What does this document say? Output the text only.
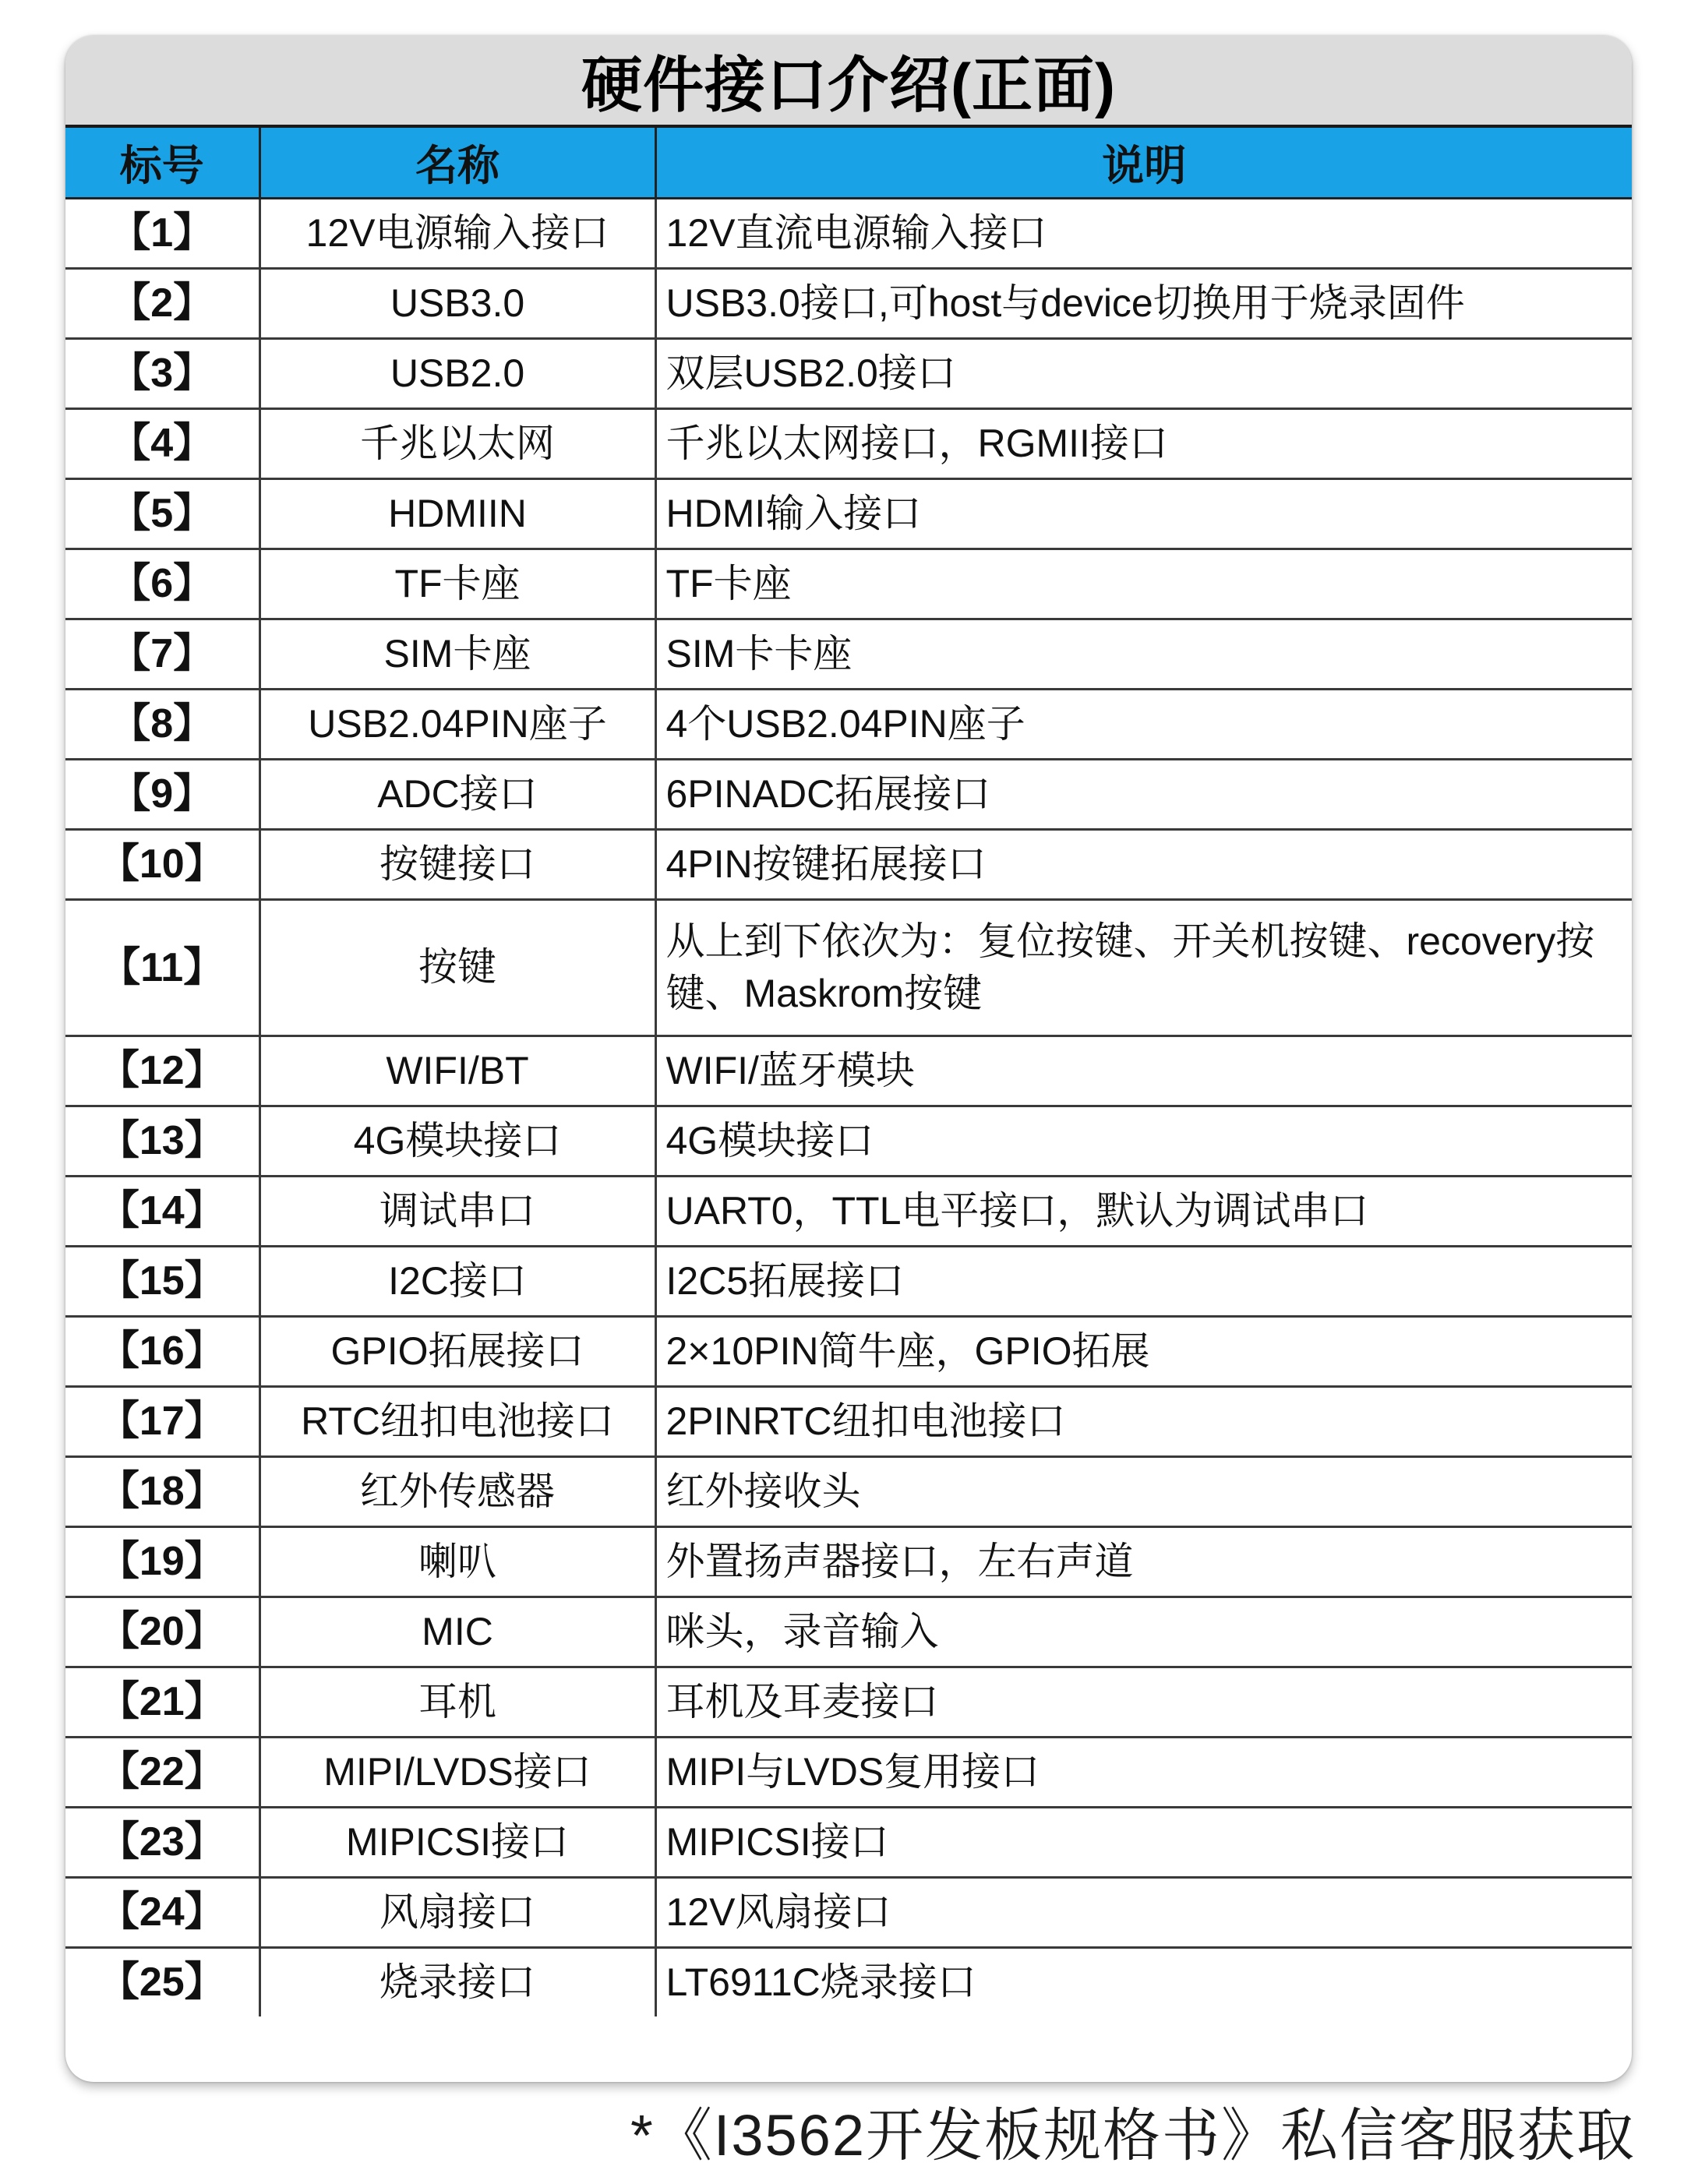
硬件接口介绍(正面)
标号	名称	说明
【1】	12V电源输入接口	12V直流电源输入接口
【2】	USB3.0	USB3.0接口,可host与device切换用于烧录固件
【3】	USB2.0	双层USB2.0接口
【4】	千兆以太网	千兆以太网接口，RGMII接口
【5】	HDMIIN	HDMI输入接口
【6】	TF卡座	TF卡座
【7】	SIM卡座	SIM卡卡座
【8】	USB2.04PIN座子	4个USB2.04PIN座子
【9】	ADC接口	6PINADC拓展接口
【10】	按键接口	4PIN按键拓展接口
【11】	按键	从上到下依次为：复位按键、开关机按键、recovery按键、Maskrom按键
【12】	WIFI/BT	WIFI/蓝牙模块
【13】	4G模块接口	4G模块接口
【14】	调试串口	UART0，TTL电平接口，默认为调试串口
【15】	I2C接口	I2C5拓展接口
【16】	GPIO拓展接口	2×10PIN简牛座，GPIO拓展
【17】	RTC纽扣电池接口	2PINRTC纽扣电池接口
【18】	红外传感器	红外接收头
【19】	喇叭	外置扬声器接口，左右声道
【20】	MIC	咪头，录音输入
【21】	耳机	耳机及耳麦接口
【22】	MIPI/LVDS接口	MIPI与LVDS复用接口
【23】	MIPICSI接口	MIPICSI接口
【24】	风扇接口	12V风扇接口
【25】	烧录接口	LT6911C烧录接口
*《I3562开发板规格书》私信客服获取
